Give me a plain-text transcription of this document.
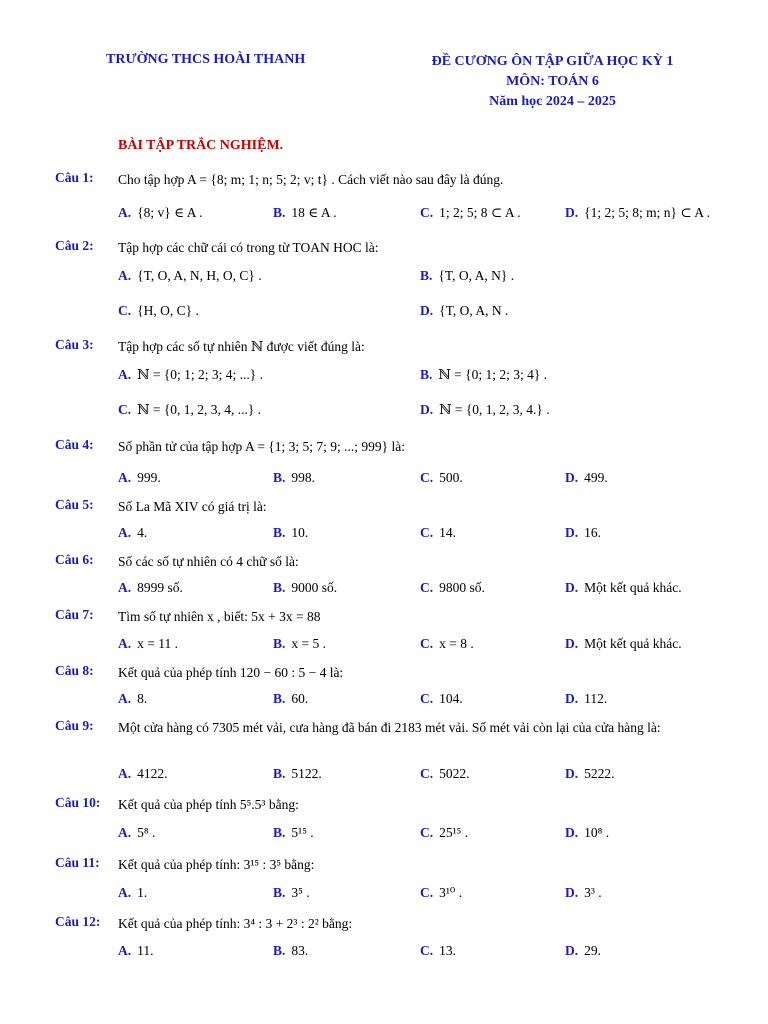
TRƯỜNG THCS HOÀI THANH	ĐỀ CƯƠNG ÔN TẬP GIỮA HỌC KỲ 1
MÔN: TOÁN 6
Năm học 2024 – 2025
BÀI TẬP TRẮC NGHIỆM.
Câu 1: Cho tập hợp A = {8; m; 1; n; 5; 2; v; t} . Cách viết nào sau đây là đúng.
A. {8; v} ∈ A .	B. 18 ∈ A .	C. 1; 2; 5; 8 ⊂ A .	D. {1; 2; 5; 8; m; n} ⊂ A .
Câu 2: Tập hợp các chữ cái có trong từ TOAN HOC là:
A. {T, O, A, N, H, O, C} .	B. {T, O, A, N} .
C. {H, O, C} .	D. {T, O, A, N .
Câu 3: Tập hợp các số tự nhiên ℕ được viết đúng là:
A. ℕ = {0; 1; 2; 3; 4; ...} .	B. ℕ = {0; 1; 2; 3; 4} .
C. ℕ = {0, 1, 2, 3, 4, ...} .	D. ℕ = {0, 1, 2, 3, 4.} .
Câu 4: Số phần tử của tập hợp A = {1; 3; 5; 7; 9; ...; 999} là:
A. 999.	B. 998.	C. 500.	D. 499.
Câu 5: Số La Mã XIV có giá trị là:
A. 4.	B. 10.	C. 14.	D. 16.
Câu 6: Số các số tự nhiên có 4 chữ số là:
A. 8999 số.	B. 9000 số.	C. 9800 số.	D. Một kết quả khác.
Câu 7: Tìm số tự nhiên x , biết: 5x + 3x = 88
A. x = 11 .	B. x = 5 .	C. x = 8 .	D. Một kết quả khác.
Câu 8: Kết quả của phép tính 120 − 60 : 5 − 4 là:
A. 8.	B. 60.	C. 104.	D. 112.
Câu 9: Một cửa hàng có 7305 mét vải, cưa hàng đã bán đi 2183 mét vải. Số mét vải còn lại của cửa hàng là:
A. 4122.	B. 5122.	C. 5022.	D. 5222.
Câu 10: Kết quả của phép tính 5⁵.5³ bằng:
A. 5⁸ .	B. 5¹⁵ .	C. 25¹⁵ .	D. 10⁸ .
Câu 11: Kết quả của phép tính: 3¹⁵ : 3⁵ bằng:
A. 1.	B. 3⁵ .	C. 3¹⁰ .	D. 3³ .
Câu 12: Kết quả của phép tính: 3⁴ : 3 + 2³ : 2² bằng:
A. 11.	B. 83.	C. 13.	D. 29.
